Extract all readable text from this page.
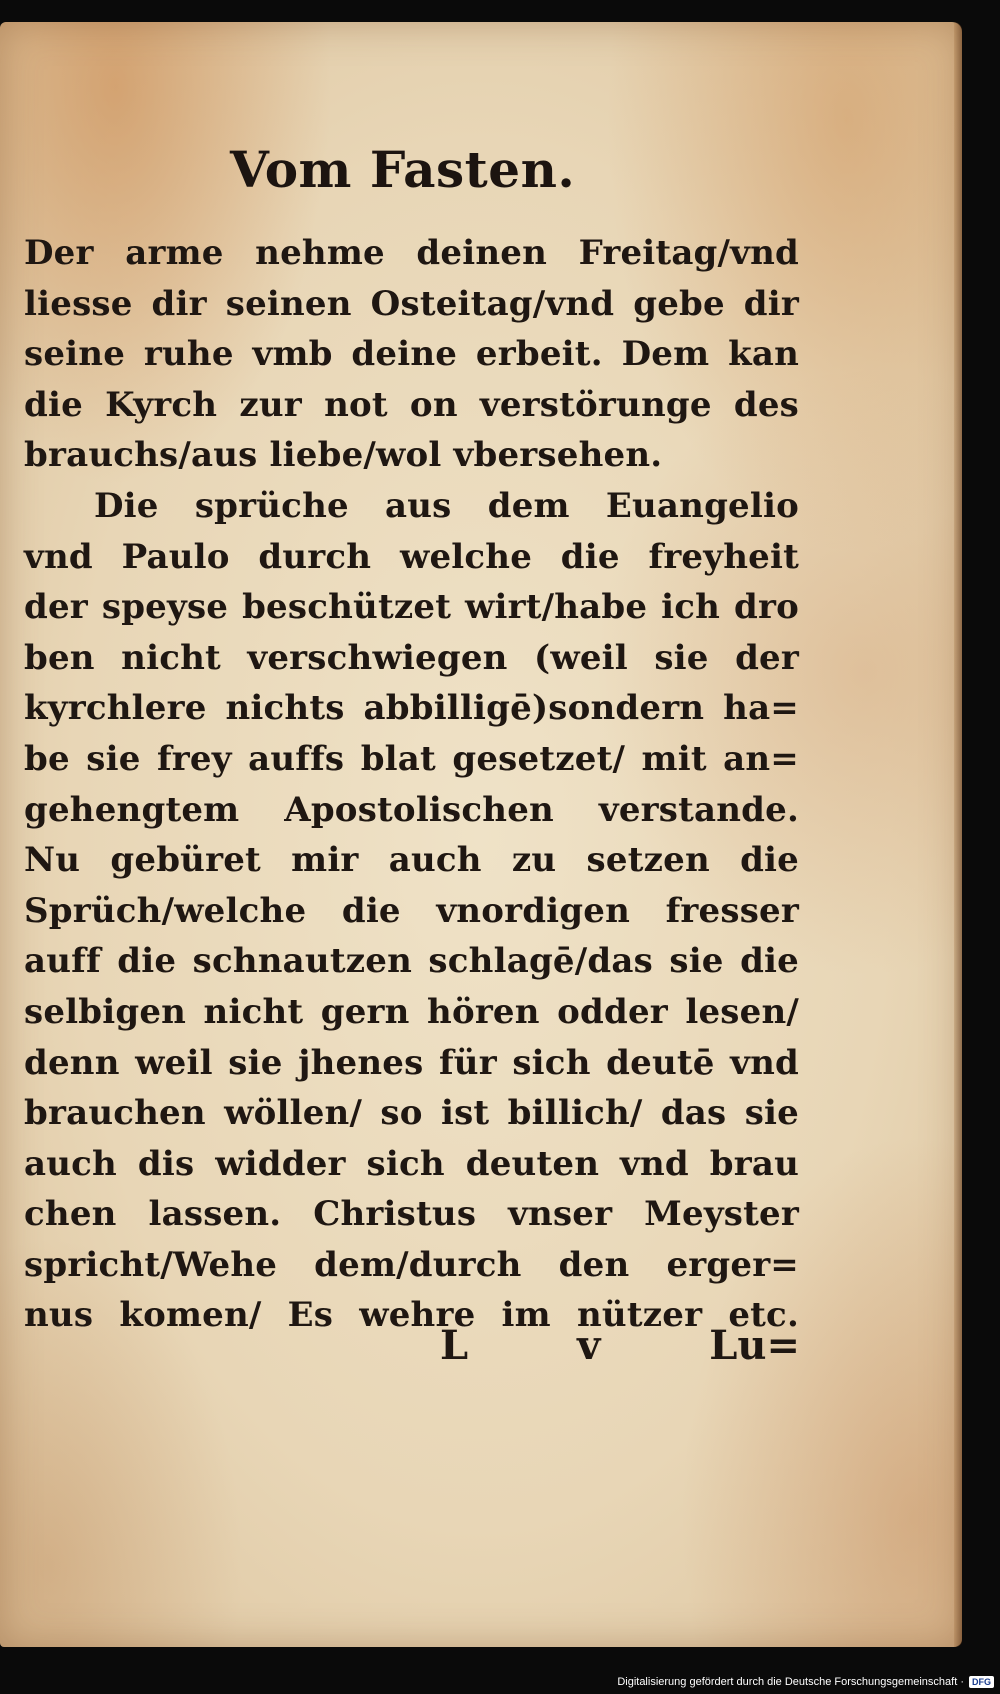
Vom Fasten.
Der arme nehme deinen Freitag/vnd
liesse dir seinen Osteitag/vnd gebe dir
seine ruhe vmb deine erbeit. Dem kan
die Kyrch zur not on verstörunge des
brauchs/aus liebe/wol vbersehen.
Die sprüche aus dem Euangelio
vnd Paulo durch welche die freyheit
der speyse beschützet wirt/habe ich dro
ben nicht verschwiegen (weil sie der
kyrchlere nichts abbilligē)sondern ha=
be sie frey auffs blat gesetzet/ mit an=
gehengtem Apostolischen verstande.
Nu gebüret mir auch zu setzen die
Sprüch/welche die vnordigen fresser
auff die schnautzen schlagē/das sie die
selbigen nicht gern hören odder lesen/
denn weil sie jhenes für sich deutē vnd
brauchen wöllen/ so ist billich/ das sie
auch dis widder sich deuten vnd brau
chen lassen. Christus vnser Meyster
spricht/Wehe dem/durch den erger=
nus komen/ Es wehre im nützer etc.
L	v	Lu=
Digitalisierung gefördert durch die Deutsche Forschungsgemeinschaft · DFG
